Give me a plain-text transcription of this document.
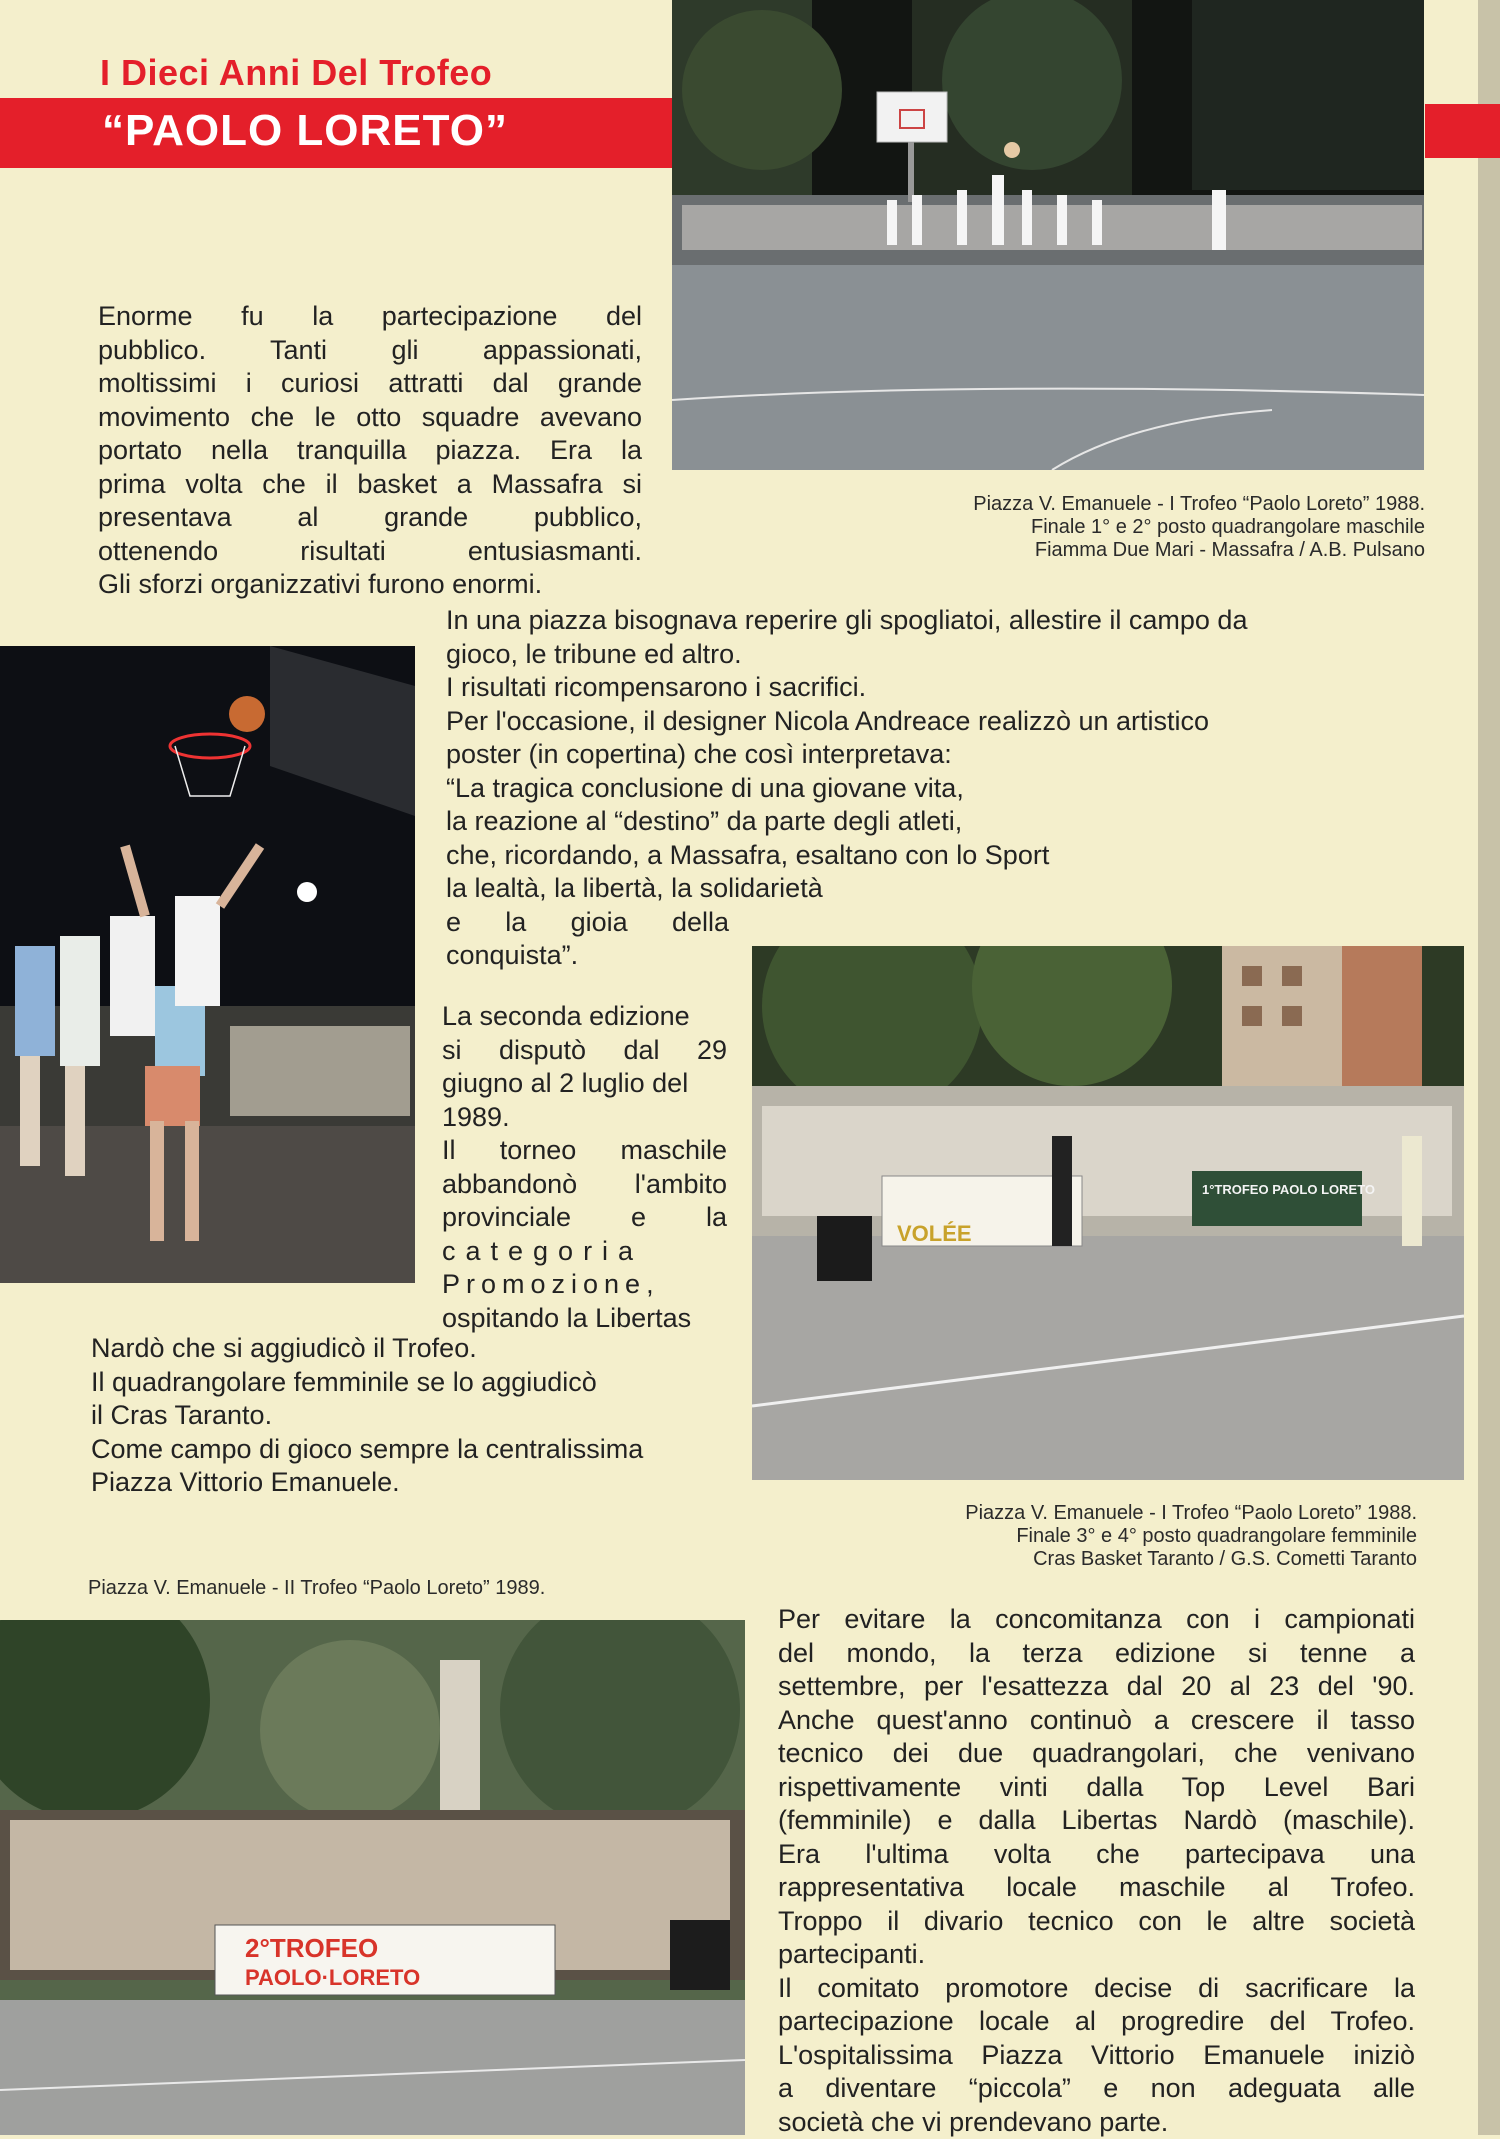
I Dieci Anni Del Trofeo
“PAOLO LORETO”
Piazza V. Emanuele - I Trofeo “Paolo Loreto” 1988.
Finale 1° e 2° posto quadrangolare maschile
Fiamma Due Mari - Massafra / A.B. Pulsano
Enorme fu la partecipazione del
pubblico. Tanti gli appassionati,
moltissimi i curiosi attratti dal grande
movimento che le otto squadre avevano
portato nella tranquilla piazza. Era la
prima volta che il basket a Massafra si
presentava al grande pubblico,
ottenendo risultati entusiasmanti.
Gli sforzi organizzativi furono enormi.
In una piazza bisognava reperire gli spogliatoi, allestire il campo da
gioco, le tribune ed altro.
I risultati ricompensarono i sacrifici.
Per l'occasione, il designer Nicola Andreace realizzò un artistico
poster (in copertina) che così interpretava:
“La tragica conclusione di una giovane vita,
la reazione al “destino” da parte degli atleti,
che, ricordando, a Massafra, esaltano con lo Sport
la lealtà, la libertà, la solidarietà
e la gioia della
conquista”.
VOLÉE
1°TROFEO PAOLO LORETO
Piazza V. Emanuele - I Trofeo “Paolo Loreto” 1988.
Finale 3° e 4° posto quadrangolare femminile
Cras Basket Taranto / G.S. Cometti Taranto
La seconda edizione
si disputò dal 29
giugno al 2 luglio del
1989.
Il torneo maschile
abbandonò l'ambito
provinciale e la
categoria
Promozione,
ospitando la Libertas
Nardò che si aggiudicò il Trofeo.
Il quadrangolare femminile se lo aggiudicò
il Cras Taranto.
Come campo di gioco sempre la centralissima
Piazza Vittorio Emanuele.
Piazza V. Emanuele - II Trofeo “Paolo Loreto” 1989.
2°TROFEO
PAOLO·LORETO
Per evitare la concomitanza con i campionati
del mondo, la terza edizione si tenne a
settembre, per l'esattezza dal 20 al 23 del '90.
Anche quest'anno continuò a crescere il tasso
tecnico dei due quadrangolari, che venivano
rispettivamente vinti dalla Top Level Bari
(femminile) e dalla Libertas Nardò (maschile).
Era l'ultima volta che partecipava una
rappresentativa locale maschile al Trofeo.
Troppo il divario tecnico con le altre società
partecipanti.
Il comitato promotore decise di sacrificare la
partecipazione locale al progredire del Trofeo.
L'ospitalissima Piazza Vittorio Emanuele iniziò
a diventare “piccola” e non adeguata alle
società che vi prendevano parte.
